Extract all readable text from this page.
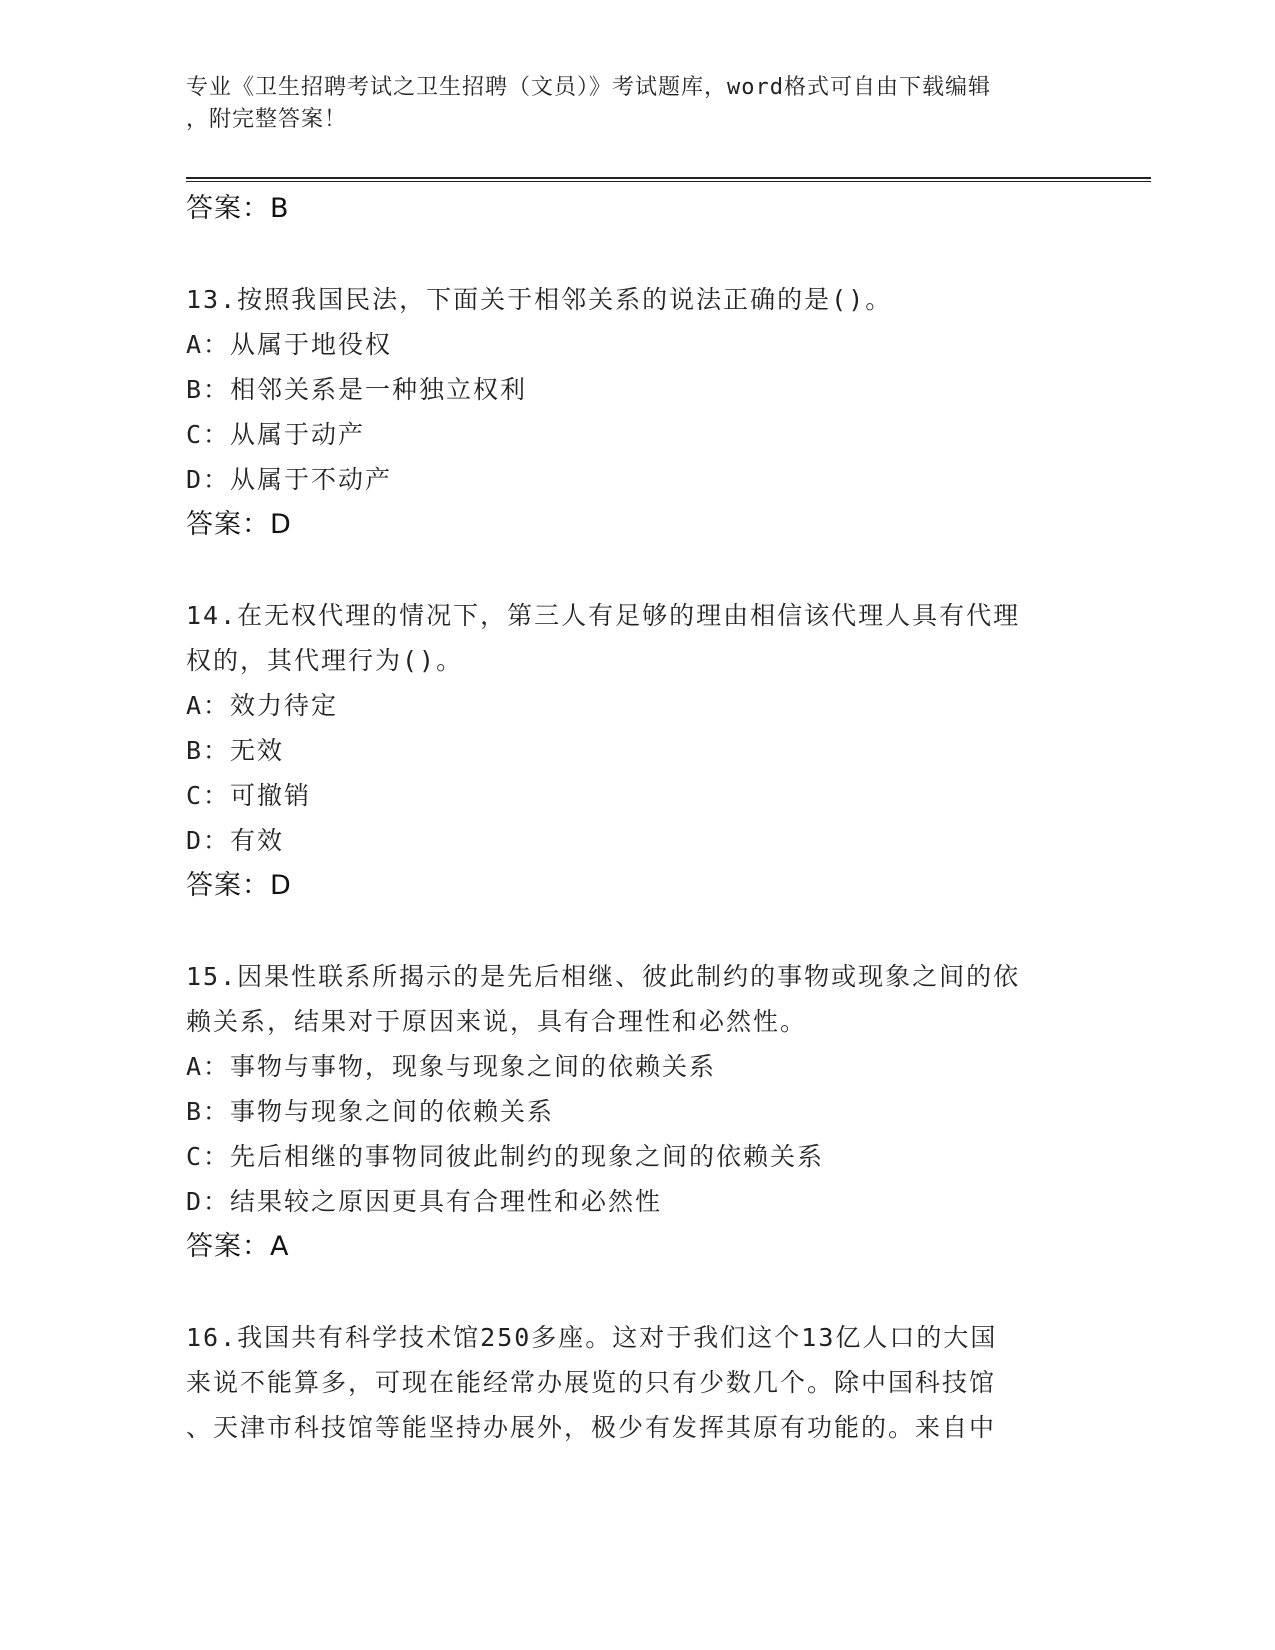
专业《卫生招聘考试之卫生招聘（文员）》考试题库，word格式可自由下载编辑
，附完整答案！
答案：B
13.按照我国民法，下面关于相邻关系的说法正确的是()。
A：从属于地役权
B：相邻关系是一种独立权利
C：从属于动产
D：从属于不动产
答案：D
14.在无权代理的情况下，第三人有足够的理由相信该代理人具有代理
权的，其代理行为()。
A：效力待定
B：无效
C：可撤销
D：有效
答案：D
15.因果性联系所揭示的是先后相继、彼此制约的事物或现象之间的依
赖关系，结果对于原因来说，具有合理性和必然性。
A：事物与事物，现象与现象之间的依赖关系
B：事物与现象之间的依赖关系
C：先后相继的事物同彼此制约的现象之间的依赖关系
D：结果较之原因更具有合理性和必然性
答案：A
16.我国共有科学技术馆250多座。这对于我们这个13亿人口的大国
来说不能算多，可现在能经常办展览的只有少数几个。除中国科技馆
、天津市科技馆等能坚持办展外，极少有发挥其原有功能的。来自中
